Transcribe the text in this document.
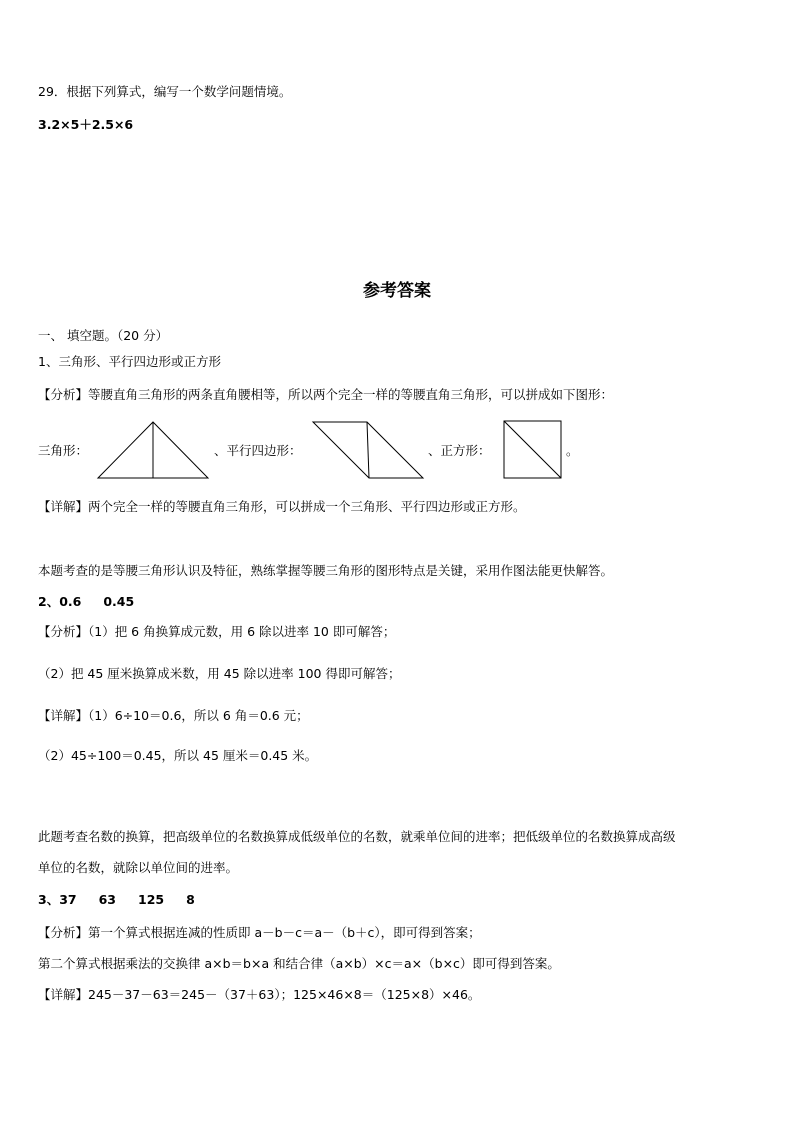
29．根据下列算式，编写一个数学问题情境。
3.2×5＋2.5×6
参考答案
一、 填空题。（20 分）
1、三角形、平行四边形或正方形
【分析】等腰直角三角形的两条直角腰相等，所以两个完全一样的等腰直角三角形，可以拼成如下图形：
三角形：	、平行四边形：	、正方形：	。
【详解】两个完全一样的等腰直角三角形，可以拼成一个三角形、平行四边形或正方形。
本题考查的是等腰三角形认识及特征，熟练掌握等腰三角形的图形特点是关键，采用作图法能更快解答。
2、0.6 0.45
【分析】（1）把 6 角换算成元数，用 6 除以进率 10 即可解答；
（2）把 45 厘米换算成米数，用 45 除以进率 100 得即可解答；
【详解】（1）6÷10＝0.6，所以 6 角＝0.6 元；
（2）45÷100＝0.45，所以 45 厘米＝0.45 米。
此题考查名数的换算，把高级单位的名数换算成低级单位的名数，就乘单位间的进率；把低级单位的名数换算成高级
单位的名数，就除以单位间的进率。
3、37 63 125 8
【分析】第一个算式根据连减的性质即 a－b－c＝a－（b＋c），即可得到答案；
第二个算式根据乘法的交换律 a×b＝b×a 和结合律（a×b）×c＝a×（b×c）即可得到答案。
【详解】245－37－63＝245－（37＋63）；125×46×8＝（125×8）×46。
